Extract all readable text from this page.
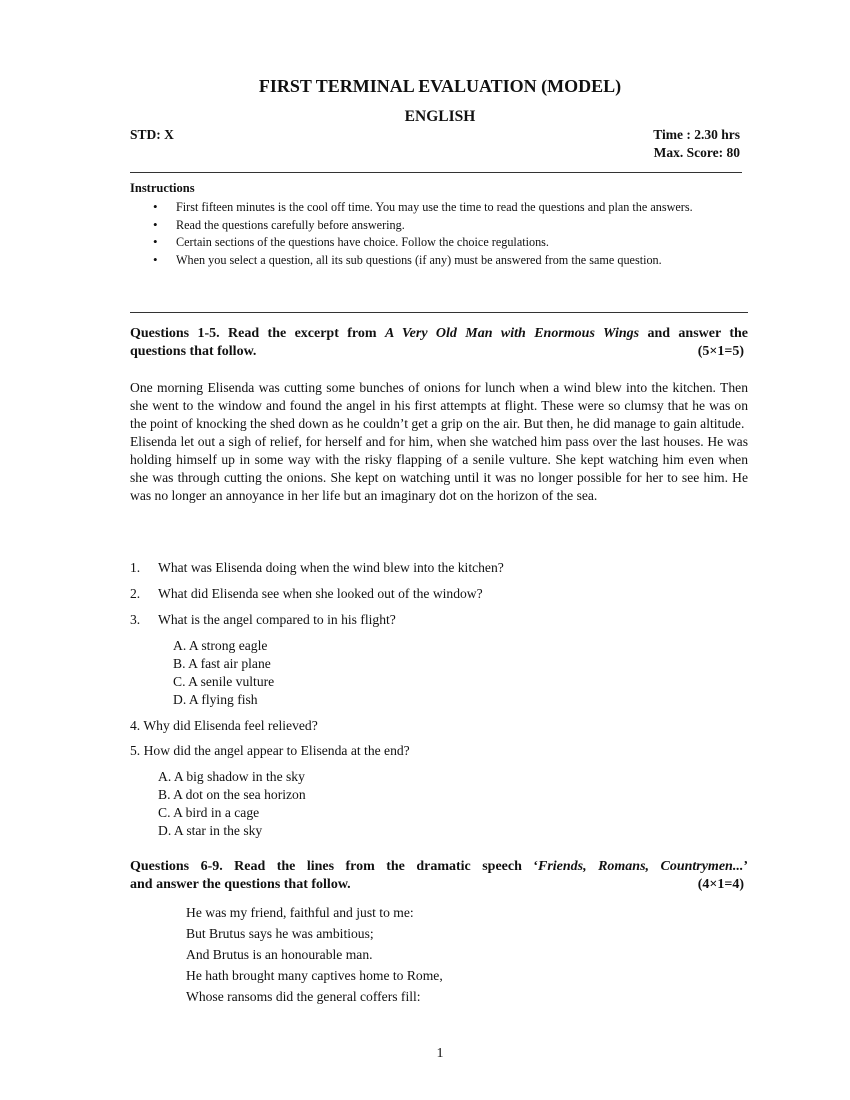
FIRST TERMINAL EVALUATION (MODEL)
ENGLISH
STD: X	Time : 2.30 hrs
Max. Score: 80
Instructions
• First fifteen minutes is the cool off time. You may use the time to read the questions and plan the answers.
• Read the questions carefully before answering.
• Certain sections of the questions have choice. Follow the choice regulations.
• When you select a question, all its sub questions (if any) must be answered from the same question.
Questions 1-5. Read the excerpt from A Very Old Man with Enormous Wings and answer the
questions that follow.	(5×1=5)

One morning Elisenda was cutting some bunches of onions for lunch when a wind blew into the kitchen. Then she went to the window and found the angel in his first attempts at flight. These were so clumsy that he was on the point of knocking the shed down as he couldn’t get a grip on the air. But then, he did manage to gain altitude.

Elisenda let out a sigh of relief, for herself and for him, when she watched him pass over the last houses. He was holding himself up in some way with the risky flapping of a senile vulture. She kept watching him even when she was through cutting the onions. She kept on watching until it was no longer possible for her to see him. He was no longer an annoyance in her life but an imaginary dot on the horizon of the sea.

1. What was Elisenda doing when the wind blew into the kitchen?
2. What did Elisenda see when she looked out of the window?
3. What is the angel compared to in his flight?
A. A strong eagle
B. A fast air plane
C. A senile vulture
D. A flying fish
4. Why did Elisenda feel relieved?
5. How did the angel appear to Elisenda at the end?
A. A big shadow in the sky
B. A dot on the sea horizon
C. A bird in a cage
D. A star in the sky
Questions 6-9. Read the lines from the dramatic speech ‘Friends, Romans, Countrymen...’
and answer the questions that follow.	(4×1=4)
He was my friend, faithful and just to me:
But Brutus says he was ambitious;
And Brutus is an honourable man.
He hath brought many captives home to Rome,
Whose ransoms did the general coffers fill:
1
